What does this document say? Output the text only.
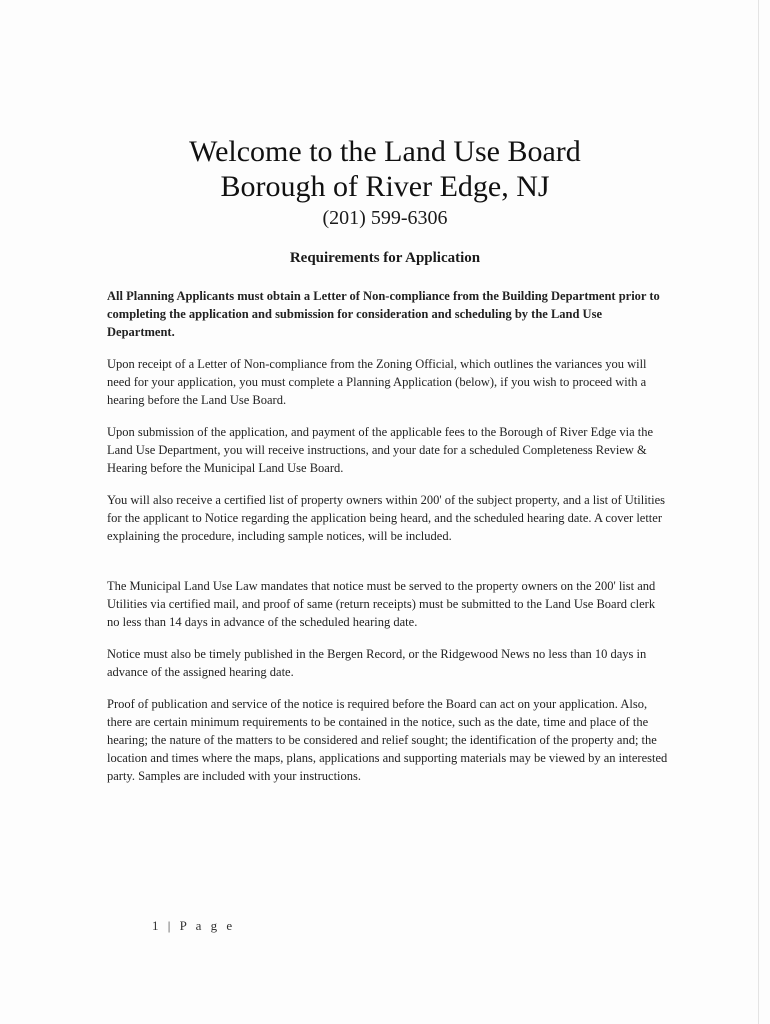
Welcome to the Land Use Board
Borough of River Edge, NJ
(201) 599-6306
Requirements for Application

All Planning Applicants must obtain a Letter of Non-compliance from the Building Department prior to completing the application and submission for consideration and scheduling by the Land Use Department.

Upon receipt of a Letter of Non-compliance from the Zoning Official, which outlines the variances you will need for your application, you must complete a Planning Application (below), if you wish to proceed with a hearing before the Land Use Board.

Upon submission of the application, and payment of the applicable fees to the Borough of River Edge via the Land Use Department, you will receive instructions, and your date for a scheduled Completeness Review & Hearing before the Municipal Land Use Board.

You will also receive a certified list of property owners within 200' of the subject property, and a list of Utilities for the applicant to Notice regarding the application being heard, and the scheduled hearing date. A cover letter explaining the procedure, including sample notices, will be included.

The Municipal Land Use Law mandates that notice must be served to the property owners on the 200' list and Utilities via certified mail, and proof of same (return receipts) must be submitted to the Land Use Board clerk no less than 14 days in advance of the scheduled hearing date.

Notice must also be timely published in the Bergen Record, or the Ridgewood News no less than 10 days in advance of the assigned hearing date.

Proof of publication and service of the notice is required before the Board can act on your application. Also, there are certain minimum requirements to be contained in the notice, such as the date, time and place of the hearing; the nature of the matters to be considered and relief sought; the identification of the property and; the location and times where the maps, plans, applications and supporting materials may be viewed by an interested party. Samples are included with your instructions.

1 | P a g e
